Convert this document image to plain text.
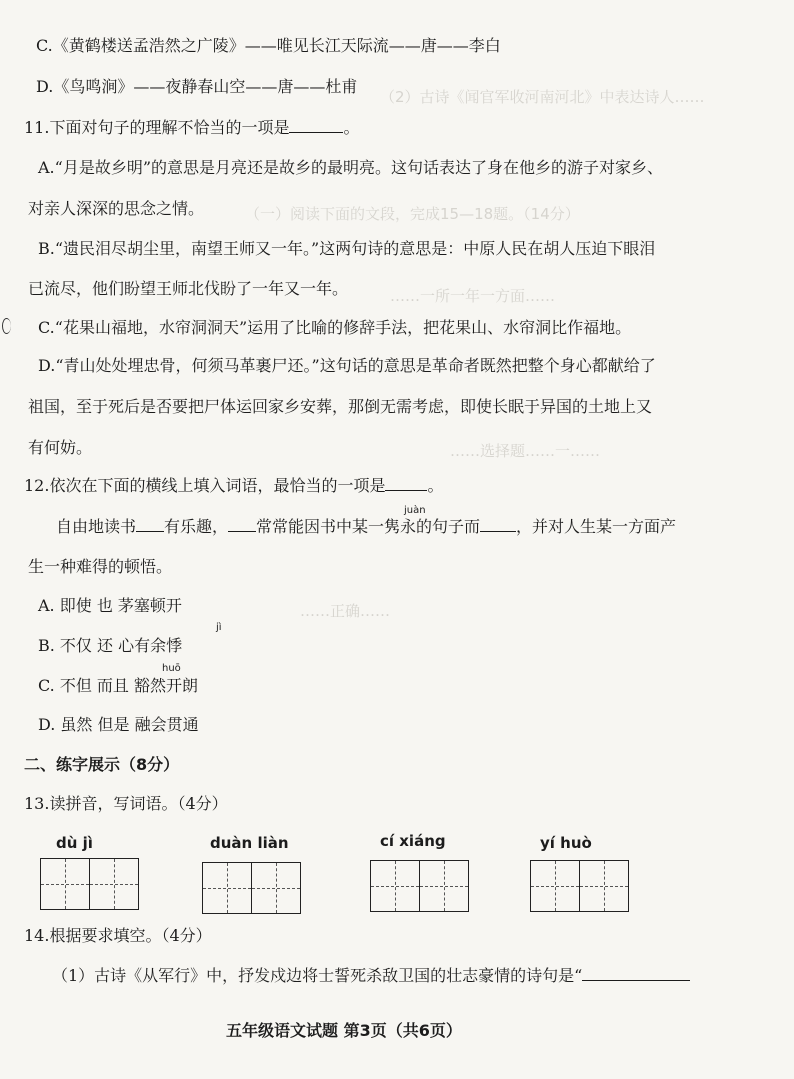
（2）古诗《闻官军收河南河北》中表达诗人……
（一）阅读下面的文段，完成15—18题。（14分）
……一所一年一方面……
……选择题……一……
……正确……
C.《黄鹤楼送孟浩然之广陵》——唯见长江天际流——唐——李白
D.《鸟鸣涧》——夜静春山空——唐——杜甫
11.下面对句子的理解不恰当的一项是	。
A.“月是故乡明”的意思是月亮还是故乡的最明亮。这句话表达了身在他乡的游子对家乡、
对亲人深深的思念之情。
B.“遗民泪尽胡尘里，南望王师又一年。”这两句诗的意思是：中原人民在胡人压迫下眼泪
已流尽，他们盼望王师北伐盼了一年又一年。
C.“花果山福地，水帘洞洞天”运用了比喻的修辞手法，把花果山、水帘洞比作福地。
D.“青山处处埋忠骨，何须马革裹尸还。”这句话的意思是革命者既然把整个身心都献给了
祖国，至于死后是否要把尸体运回家乡安葬，那倒无需考虑，即使长眠于异国的土地上又
有何妨。
12.依次在下面的横线上填入词语，最恰当的一项是	。
juàn
自由地读书 有乐趣， 常常能因书中某一隽永的句子而 ，并对人生某一方面产
生一种难得的顿悟。
A. 即使 也 茅塞顿开
jì
B. 不仅 还 心有余悸
huō
C. 不但 而且 豁然开朗
D. 虽然 但是 融会贯通
二、练字展示（8分）
13.读拼音，写词语。（4分）
dù jì	duàn liàn	cí xiáng	yí huò
14.根据要求填空。（4分）
（1）古诗《从军行》中，抒发戍边将士誓死杀敌卫国的壮志豪情的诗句是“
五年级语文试题 第3页（共6页）
